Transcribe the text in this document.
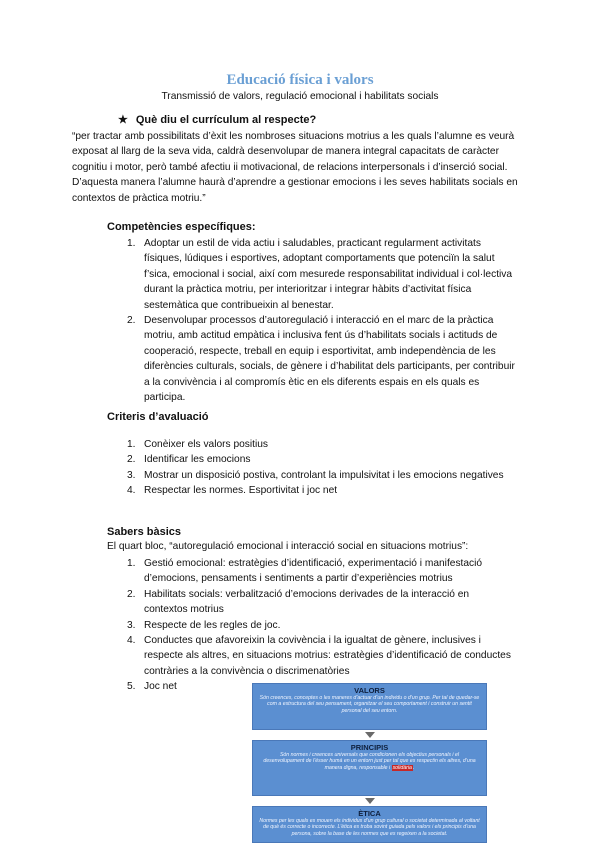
Educació física i valors
Transmissió de valors, regulació emocional i habilitats socials
★ Què diu el currículum al respecte?
“per tractar amb possibilitats d’èxit les nombroses situacions motrius a les quals l’alumne es veurà exposat al llarg de la seva vida, caldrà desenvolupar de manera integral capacitats de caràcter cognitiu i motor, però també afectiu ii motivacional, de relacions interpersonals i d’inserció social. D’aquesta manera l’alumne haurà d’aprendre a gestionar emocions i les seves habilitats socials en contextos de pràctica motriu.”
Competències específiques:
1. Adoptar un estil de vida actiu i saludables, practicant regularment activitats físiques, lúdiques i esportives, adoptant comportaments que potenciïn la salut f’sica, emocional i social, així com mesurede responsabilitat individual i col·lectiva durant la pràctica motriu, per interioritzar i integrar hàbits d’activitat física sestemàtica que contribueixin al benestar.
2. Desenvolupar processos d’autoregulació i interacció en el marc de la pràctica motriu, amb actitud empàtica i inclusiva fent ús d’habilitats socials i actituds de cooperació, respecte, treball en equip i esportivitat, amb independència de les diferències culturals, socials, de gènere i d’habilitat dels participants, per contribuir a la convivència i al compromís ètic en els diferents espais en els quals es participa.
Criteris d’avaluació
1. Conèixer els valors positius
2. Identificar les emocions
3. Mostrar un disposició postiva, controlant la impulsivitat i les emocions negatives
4. Respectar les normes. Esportivitat i joc net
Sabers bàsics
El quart bloc, “autoregulació emocional i interacció social en situacions motrius”:
1. Gestió emocional: estratègies d’identificació, experimentació i manifestació d’emocions, pensaments i sentiments a partir d’experiències motrius
2. Habilitats socials: verbalització d’emocions derivades de la interacció en contextos motrius
3. Respecte de les regles de joc.
4. Conductes que afavoreixin la covivència i la igualtat de gènere, inclusives i respecte als altres, en situacions motrius: estratègies d’identificació de conductes contràries a la convivència o discrimenatòries
5. Joc net	VALORS
Són creences, conceptes o les maneres d’actuar d’un individu o d’un grup. Per tal de quedar-se com a estructura del seu pensament, organitzar el seu comportament i construir un sentit personal del seu entorn.
PRINCIPIS
Són normes i creences universals que condicionen els objectius personals i el desenvolupament de l’ésser humà en un entorn just per tal que es respectin els altres, d’una manera digna, responsable i solidària.
ÈTICA
Normes per les quals es mouen els individus d’un grup cultural o societat determinada al voltant de què és correcte o incorrecte. L’ètica es troba sovint guiada pels valors i els principis d’una persona, sobre la base de les normes que es regeixen a la societat.
